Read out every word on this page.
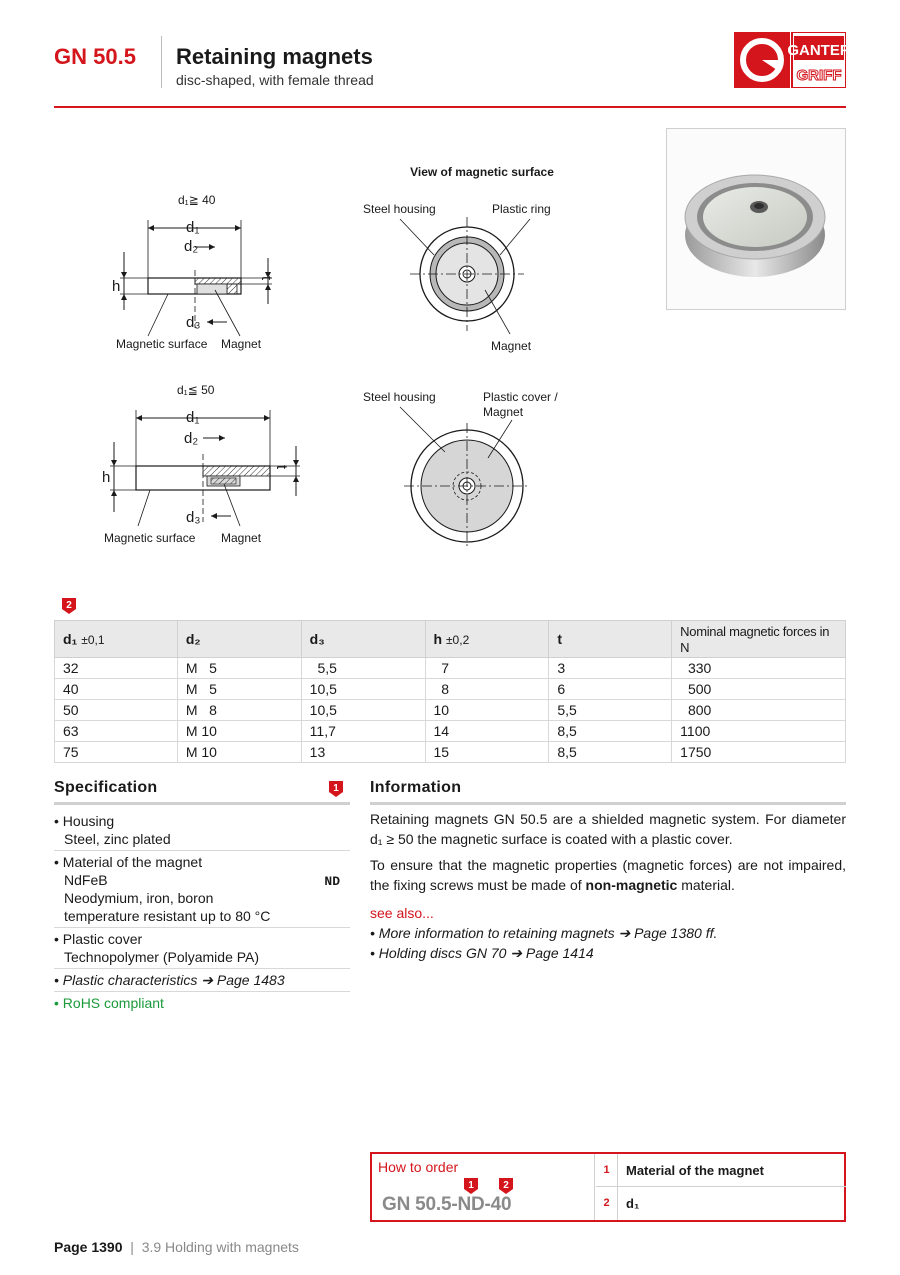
GN 50.5 Retaining magnets
disc-shaped, with female thread
GANTER
GRIFF
d₁≧ 40
d₁
d₂
h	t
d₃
Magnetic surface Magnet
View of magnetic surface
Steel housing	Plastic ring
Magnet
d₁≦ 50
d₁
d₂
h
t
d₃
Magnetic surface Magnet
Steel housing	Plastic cover /
Magnet
2
d₁ ±0,1	d₂	d₃	h ±0,2	t	Nominal magnetic forces in N
32	M   5	5,5	7	3	330
40	M   5	10,5	8	6	500
50	M   8	10,5	10	5,5	800
63	M 10	11,7	14	8,5	1100
75	M 10	13	15	8,5	1750
Specification	1
• Housing
Steel, zinc plated
• Material of the magnet
NdFeB	ND
Neodymium, iron, boron
temperature resistant up to 80 °C
• Plastic cover
Technopolymer (Polyamide PA)
• Plastic characteristics ➔ Page 1483
• RoHS compliant
Information

Retaining magnets GN 50.5 are a shielded magnetic system. For diameter d₁ ≥ 50 the magnetic surface is coated with a plastic cover.

To ensure that the magnetic properties (magnetic forces) are not impaired, the fixing screws must be made of non-magnetic material.

see also...
• More information to retaining magnets ➔ Page 1380 ff.
• Holding discs GN 70 ➔ Page 1414
How to order
1	2
GN 50.5-ND-40
1	Material of the magnet
2	d₁
Page 1390  |  3.9 Holding with magnets
